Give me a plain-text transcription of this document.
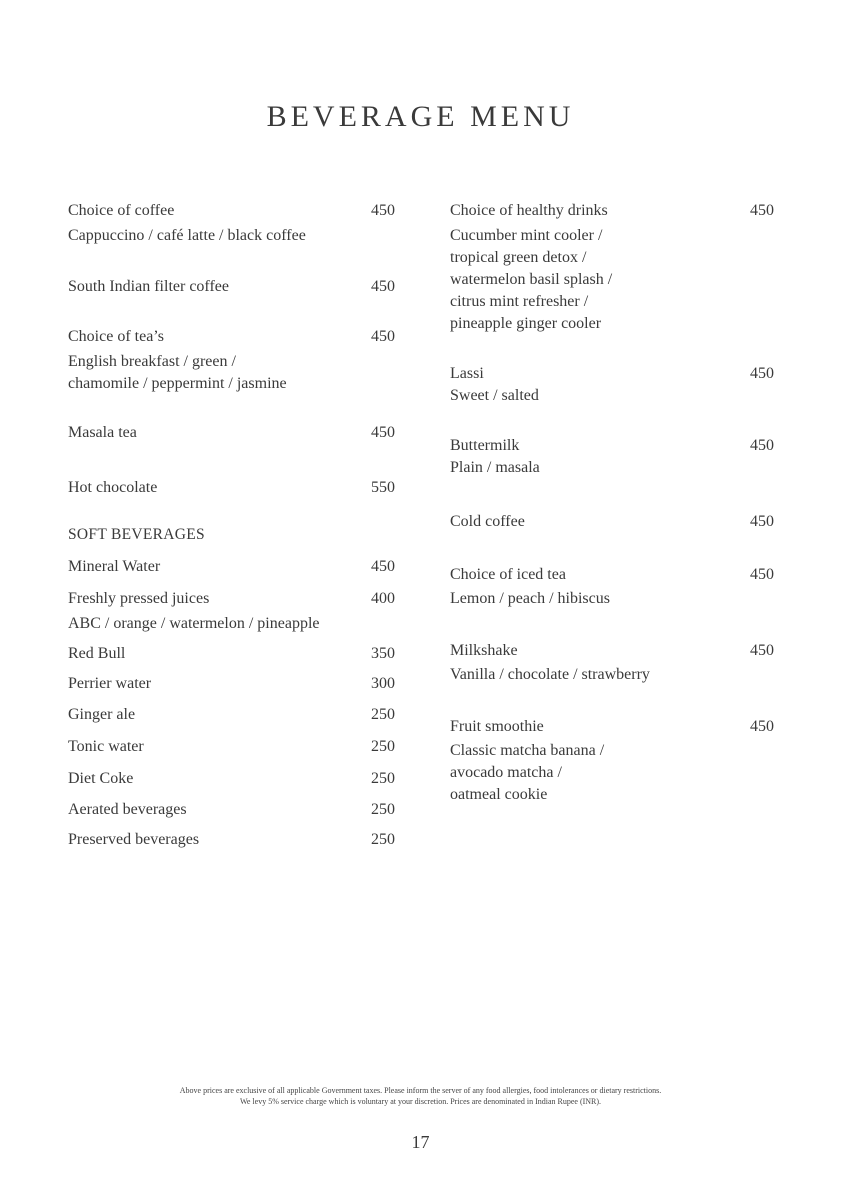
BEVERAGE MENU
Choice of coffee	450
Cappuccino / café latte / black coffee
South Indian filter coffee	450
Choice of tea’s	450
English breakfast / green /
chamomile / peppermint / jasmine
Masala tea	450
Hot chocolate	550
SOFT BEVERAGES
Mineral Water	450
Freshly pressed juices	400
ABC / orange / watermelon / pineapple
Red Bull	350
Perrier water	300
Ginger ale	250
Tonic water	250
Diet Coke	250
Aerated beverages	250
Preserved beverages	250
Choice of healthy drinks	450
Cucumber mint cooler /
tropical green detox /
watermelon basil splash /
citrus mint refresher /
pineapple ginger cooler
Lassi	450
Sweet / salted
Buttermilk	450
Plain / masala
Cold coffee	450
Choice of iced tea	450
Lemon / peach / hibiscus
Milkshake	450
Vanilla / chocolate / strawberry
Fruit smoothie	450
Classic matcha banana /
avocado matcha /
oatmeal cookie
Above prices are exclusive of all applicable Government taxes. Please inform the server of any food allergies, food intolerances or dietary restrictions.
We levy 5% service charge which is voluntary at your discretion. Prices are denominated in Indian Rupee (INR).
17
